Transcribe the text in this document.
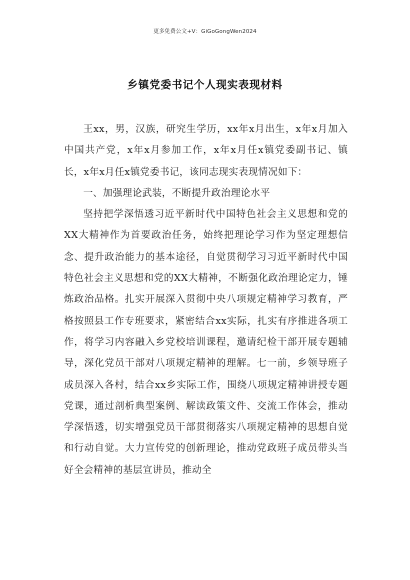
更多免费公文+V：GiGoGongWen2024
乡镇党委书记个人现实表现材料

王xx，男，汉族，研究生学历，xx年x月出生，x年x月加入中国共产党，x年x月参加工作，x年x月任x镇党委副书记、镇长，x年x月任x镇党委书记，该同志现实表现情况如下：

一、加强理论武装，不断提升政治理论水平

坚持把学深悟透习近平新时代中国特色社会主义思想和党的XX大精神作为首要政治任务，始终把理论学习作为坚定理想信念、提升政治能力的基本途径，自觉贯彻学习习近平新时代中国特色社会主义思想和党的XX大精神，不断强化政治理论定力，锤炼政治品格。扎实开展深入贯彻中央八项规定精神学习教育，严格按照县工作专班要求，紧密结合xx实际，扎实有序推进各项工作，将学习内容融入乡党校培训课程，邀请纪检干部开展专题辅导，深化党员干部对八项规定精神的理解。七一前，乡领导班子成员深入各村，结合xx乡实际工作，围绕八项规定精神讲授专题党课，通过剖析典型案例、解读政策文件、交流工作体会，推动学深悟透，切实增强党员干部贯彻落实八项规定精神的思想自觉和行动自觉。大力宣传党的创新理论，推动党政班子成员带头当好全会精神的基层宣讲员，推动全
